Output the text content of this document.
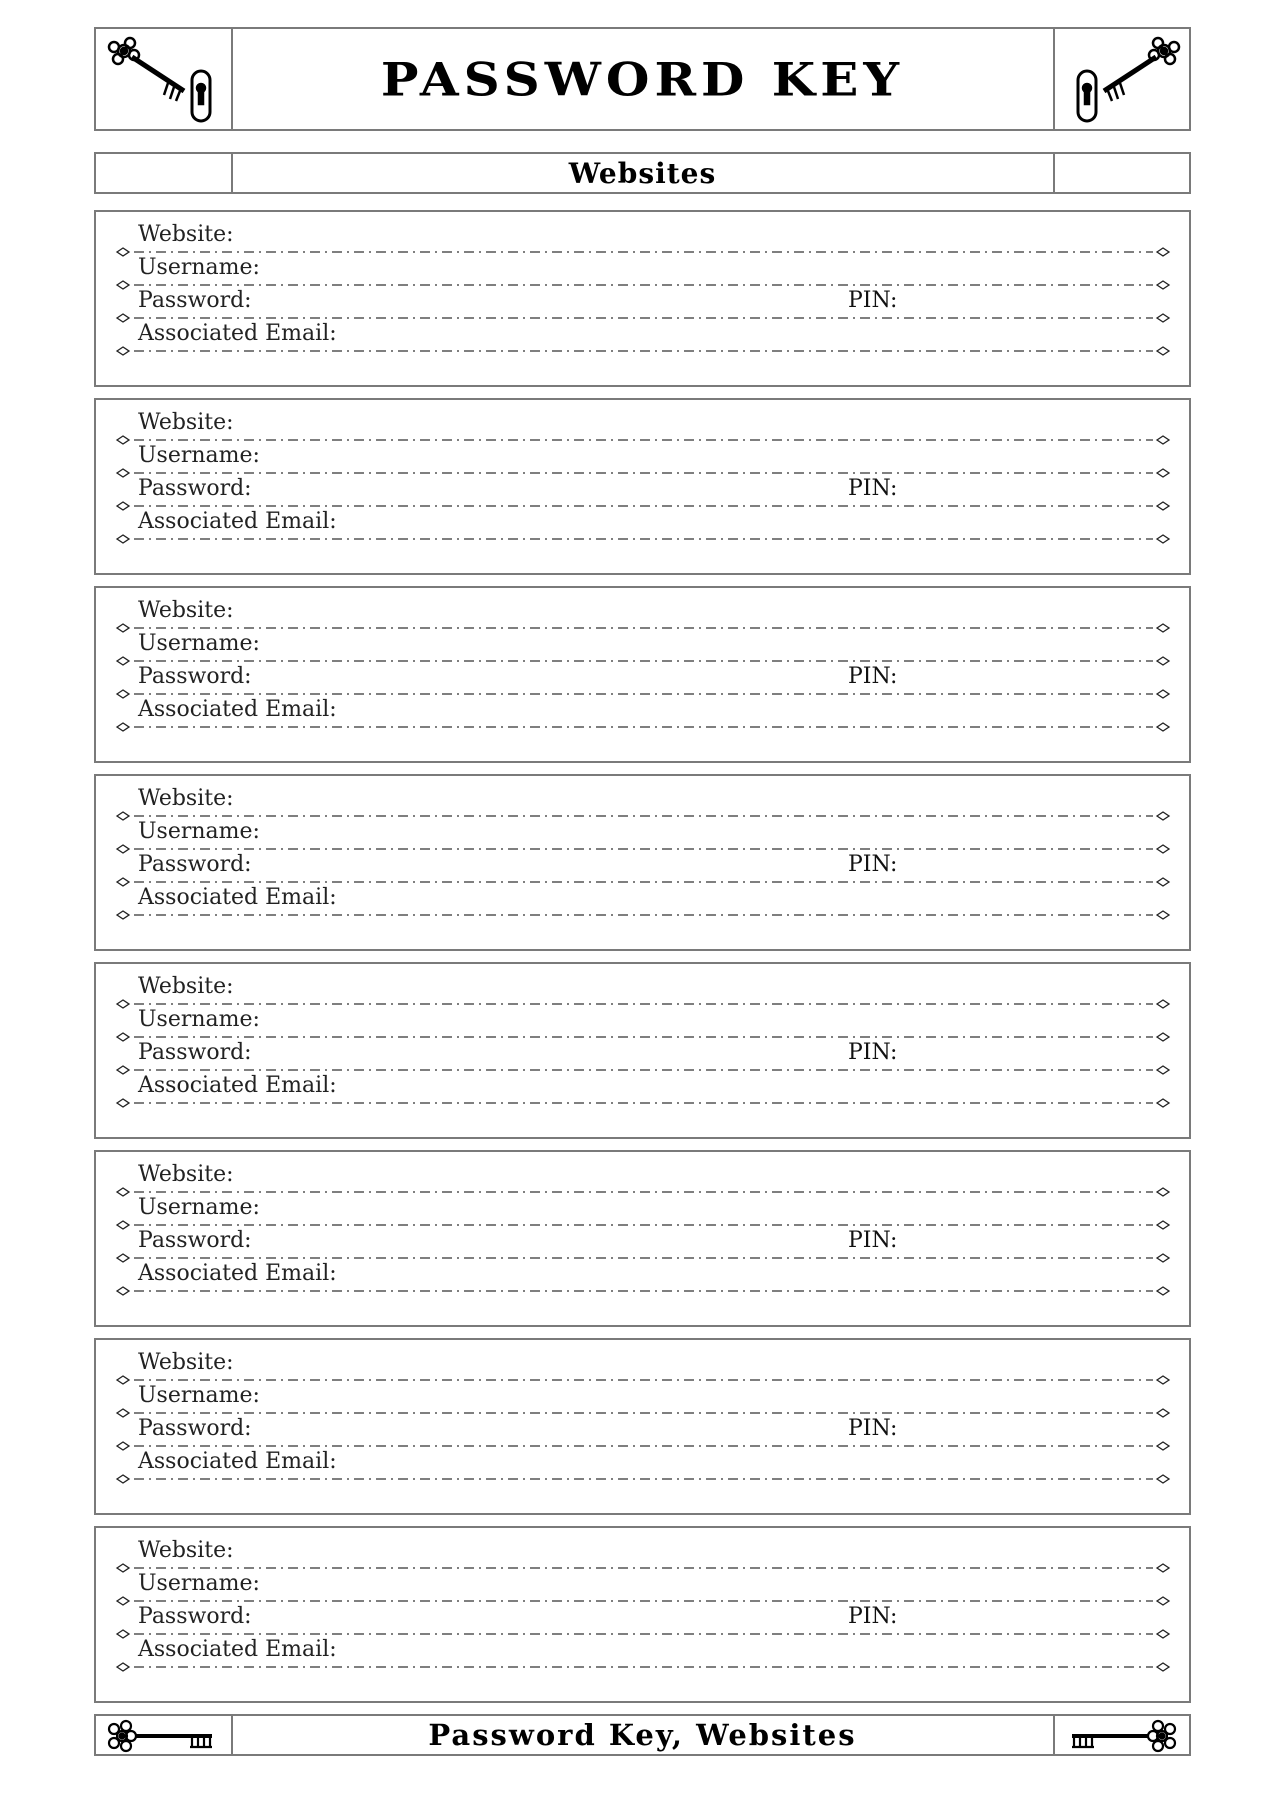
PASSWORD KEY
Websites
Website:
Username:
Password:
Associated Email:
PIN:
Website:
Username:
Password:
Associated Email:
PIN:
Website:
Username:
Password:
Associated Email:
PIN:
Website:
Username:
Password:
Associated Email:
PIN:
Website:
Username:
Password:
Associated Email:
PIN:
Website:
Username:
Password:
Associated Email:
PIN:
Website:
Username:
Password:
Associated Email:
PIN:
Website:
Username:
Password:
Associated Email:
PIN:
Password Key, Websites
